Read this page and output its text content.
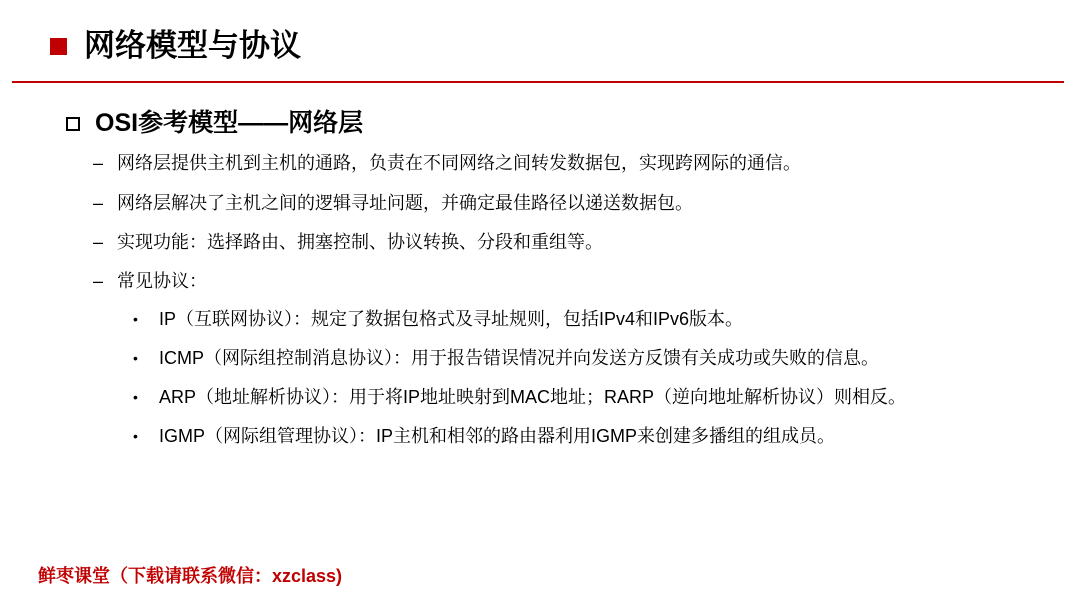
网络模型与协议
OSI参考模型——网络层
– 网络层提供主机到主机的通路，负责在不同网络之间转发数据包，实现跨网际的通信。
– 网络层解决了主机之间的逻辑寻址问题，并确定最佳路径以递送数据包。
– 实现功能：选择路由、拥塞控制、协议转换、分段和重组等。
– 常见协议：
• IP（互联网协议）：规定了数据包格式及寻址规则，包括IPv4和IPv6版本。
• ICMP（网际组控制消息协议）：用于报告错误情况并向发送方反馈有关成功或失败的信息。
• ARP（地址解析协议）：用于将IP地址映射到MAC地址；RARP（逆向地址解析协议）则相反。
• IGMP（网际组管理协议）：IP主机和相邻的路由器利用IGMP来创建多播组的组成员。
鲜枣课堂（下载请联系微信：xzclass)
